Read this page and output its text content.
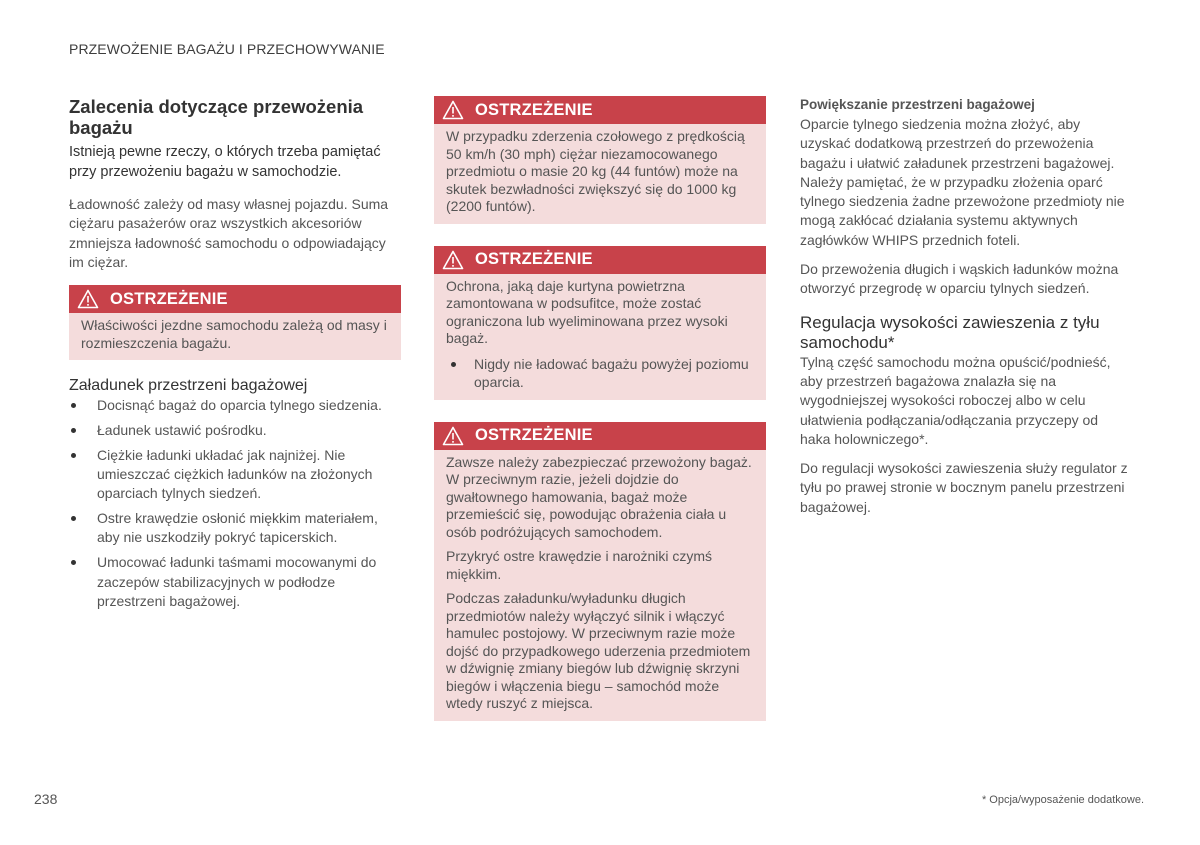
PRZEWOŻENIE BAGAŻU I PRZECHOWYWANIE
Zalecenia dotyczące przewożenia bagażu

Istnieją pewne rzeczy, o których trzeba pamiętać przy przewożeniu bagażu w samochodzie.

Ładowność zależy od masy własnej pojazdu. Suma ciężaru pasażerów oraz wszystkich akcesoriów zmniejsza ładowność samochodu o odpowiadający im ciężar.

OSTRZEŻENIE

Właściwości jezdne samochodu zależą od masy i rozmieszczenia bagażu.

Załadunek przestrzeni bagażowej
Docisnąć bagaż do oparcia tylnego siedzenia.
Ładunek ustawić pośrodku.
Ciężkie ładunki układać jak najniżej. Nie umieszczać ciężkich ładunków na złożonych oparciach tylnych siedzeń.
Ostre krawędzie osłonić miękkim materiałem, aby nie uszkodziły pokryć tapicerskich.
Umocować ładunki taśmami mocowanymi do zaczepów stabilizacyjnych w podłodze przestrzeni bagażowej.
OSTRZEŻENIE

W przypadku zderzenia czołowego z prędkością 50 km/h (30 mph) ciężar niezamocowanego przedmiotu o masie 20 kg (44 funtów) może na skutek bezwładności zwiększyć się do 1000 kg (2200 funtów).

OSTRZEŻENIE

Ochrona, jaką daje kurtyna powietrzna zamontowana w podsufitce, może zostać ograniczona lub wyeliminowana przez wysoki bagaż.

Nigdy nie ładować bagażu powyżej poziomu oparcia.
OSTRZEŻENIE

Zawsze należy zabezpieczać przewożony bagaż. W przeciwnym razie, jeżeli dojdzie do gwałtownego hamowania, bagaż może przemieścić się, powodując obrażenia ciała u osób podróżujących samochodem.

Przykryć ostre krawędzie i narożniki czymś miękkim.

Podczas załadunku/wyładunku długich przedmiotów należy wyłączyć silnik i włączyć hamulec postojowy. W przeciwnym razie może dojść do przypadkowego uderzenia przedmiotem w dźwignię zmiany biegów lub dźwignię skrzyni biegów i włączenia biegu – samochód może wtedy ruszyć z miejsca.

Powiększanie przestrzeni bagażowej

Oparcie tylnego siedzenia można złożyć, aby uzyskać dodatkową przestrzeń do przewożenia bagażu i ułatwić załadunek przestrzeni bagażowej. Należy pamiętać, że w przypadku złożenia oparć tylnego siedzenia żadne przewożone przedmioty nie mogą zakłócać działania systemu aktywnych zagłówków WHIPS przednich foteli.

Do przewożenia długich i wąskich ładunków można otworzyć przegrodę w oparciu tylnych siedzeń.

Regulacja wysokości zawieszenia z tyłu samochodu*

Tylną część samochodu można opuścić/podnieść, aby przestrzeń bagażowa znalazła się na wygodniejszej wysokości roboczej albo w celu ułatwienia podłączania/odłączania przyczepy od haka holowniczego*.

Do regulacji wysokości zawieszenia służy regulator z tyłu po prawej stronie w bocznym panelu przestrzeni bagażowej.

238	* Opcja/wyposażenie dodatkowe.
